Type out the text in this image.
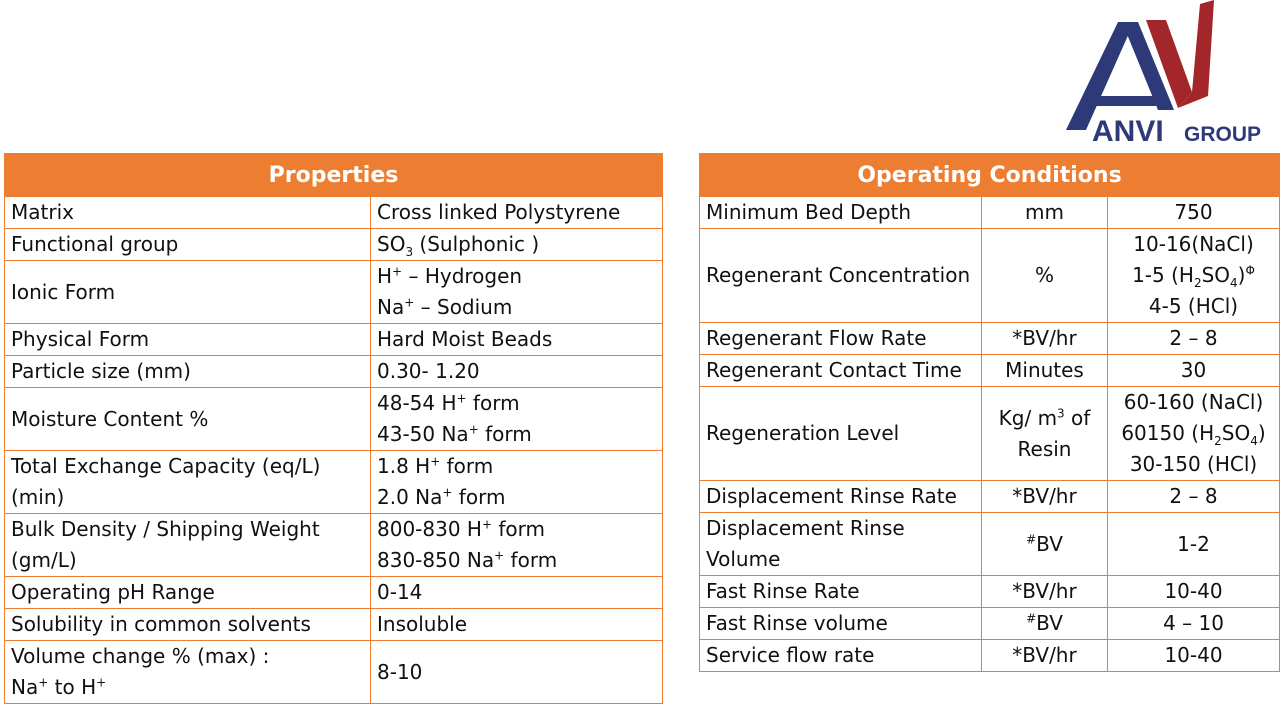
ANVI GROUP
Properties	
Matrix	Cross linked Polystyrene
Functional group	$SO_3$ (Sulphonic )
Ionic Form	H+ – Hydrogen
Na+ – Sodium

Physical Form	Hard Moist Beads
Particle size (mm)	0.30- 1.20
Moisture Content %	48-54 H+ form
43-50 Na+ form

Total Exchange Capacity (eq/L) (min)	1.8 H+ form
2.0 Na+ form

Bulk Density / Shipping Weight (gm/L)	800-830 H+ form
830-850 Na+ form

Operating pH Range	0-14
Solubility in common solvents	Insoluble

Volume change % (max) :
Na+ to H+	8-10
Operating Conditions		
Minimum Bed Depth	mm	750
Regenerant Concentration	%	10-16(NaCl)
1-5 $(H_2SO_4)^\Phi$
4-5 (HCl)

Regenerant Flow Rate	*BV/hr	2 – 8
Regenerant Contact Time	Minutes	30
Regeneration Level	Kg/ $m^3$ of Resin	60-160 (NaCl)
60150 $(H_2SO_4)$
30-150 (HCl)

Displacement Rinse Rate	*BV/hr	2 – 8
Displacement Rinse Volume	#BV	1-2
Fast Rinse Rate	*BV/hr	10-40
Fast Rinse volume	#BV	4 – 10
Service flow rate	*BV/hr	10-40
